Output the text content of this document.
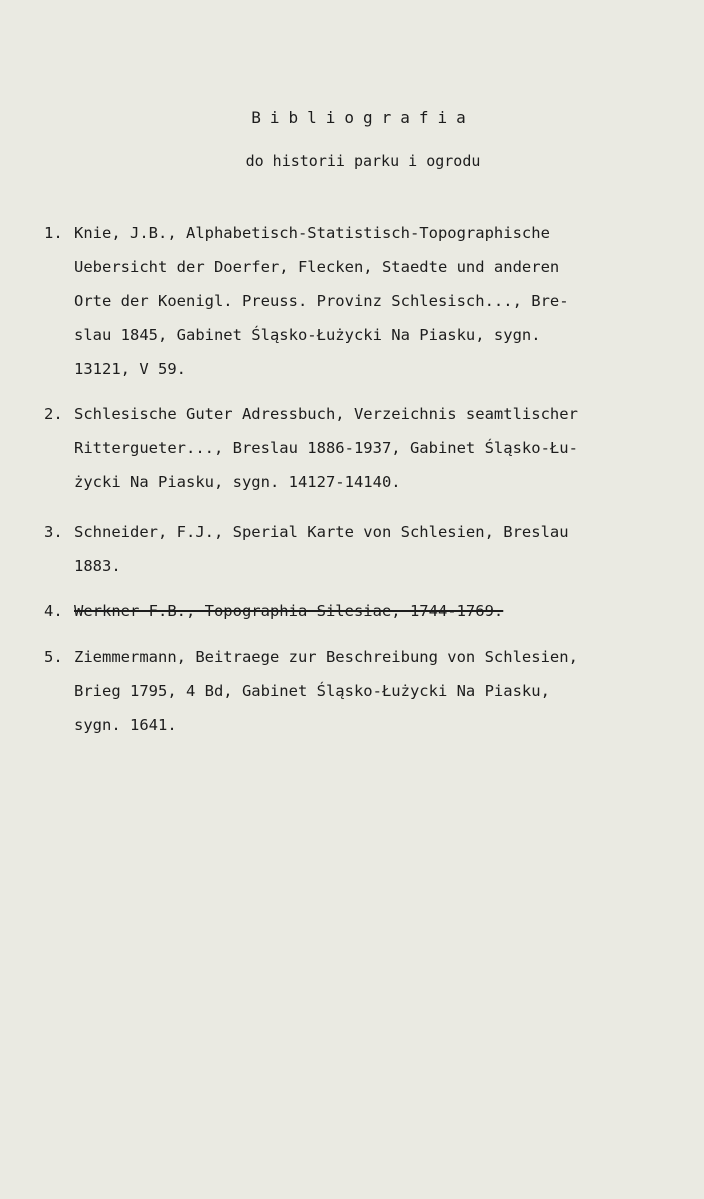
Bibliografia
do historii parku i ogrodu
1. Knie, J.B., Alphabetisch-Statistisch-Topographische
Uebersicht der Doerfer, Flecken, Staedte und anderen
Orte der Koenigl. Preuss. Provinz Schlesisch..., Bre-
slau 1845, Gabinet Śląsko-Łużycki Na Piasku, sygn.
13121, V 59.
2. Schlesische Guter Adressbuch, Verzeichnis seamtlischer
Rittergueter..., Breslau 1886-1937, Gabinet Śląsko-Łu-
życki Na Piasku, sygn. 14127-14140.
3. Schneider, F.J., Sperial Karte von Schlesien, Breslau
1883.
4. Werkner F.B., Topographia Silesiae, 1744-1769.
5. Ziemmermann, Beitraege zur Beschreibung von Schlesien,
Brieg 1795, 4 Bd, Gabinet Śląsko-Łużycki Na Piasku,
sygn. 1641.
